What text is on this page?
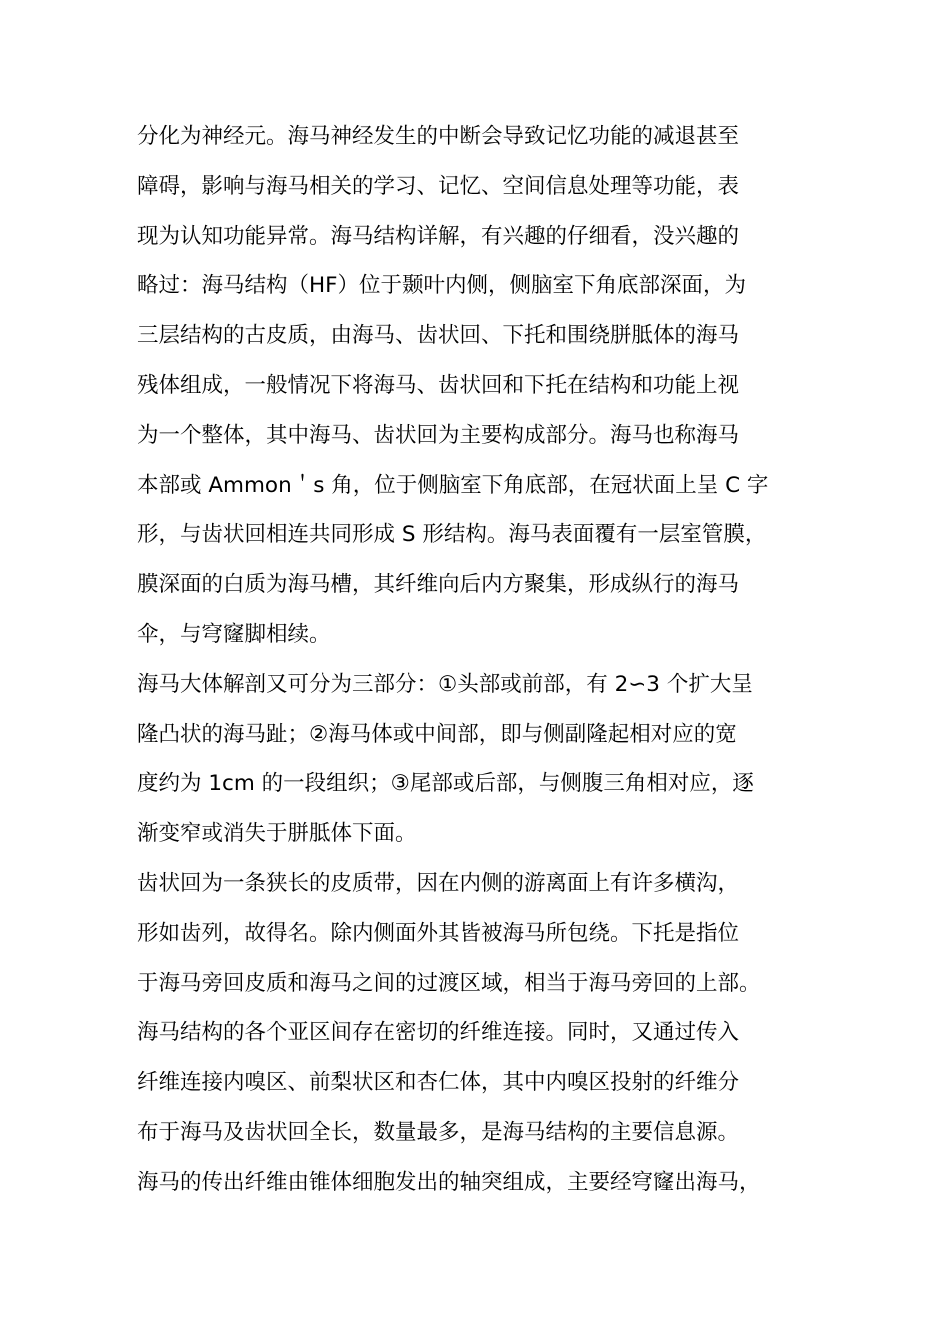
分化为神经元。海马神经发生的中断会导致记忆功能的减退甚至
障碍，影响与海马相关的学习、记忆、空间信息处理等功能，表
现为认知功能异常。海马结构详解，有兴趣的仔细看，没兴趣的
略过：海马结构（HF）位于颞叶内侧，侧脑室下角底部深面，为
三层结构的古皮质，由海马、齿状回、下托和围绕胼胝体的海马
残体组成，一般情况下将海马、齿状回和下托在结构和功能上视
为一个整体，其中海马、齿状回为主要构成部分。海马也称海马
本部或 Ammon＇s 角，位于侧脑室下角底部，在冠状面上呈 C 字
形，与齿状回相连共同形成 S 形结构。海马表面覆有一层室管膜，
膜深面的白质为海马槽，其纤维向后内方聚集，形成纵行的海马
伞，与穹窿脚相续。
海马大体解剖又可分为三部分：①头部或前部，有 2∽3 个扩大呈
隆凸状的海马趾；②海马体或中间部，即与侧副隆起相对应的宽
度约为 1cm 的一段组织；③尾部或后部，与侧腹三角相对应，逐
渐变窄或消失于胼胝体下面。
齿状回为一条狭长的皮质带，因在内侧的游离面上有许多横沟，
形如齿列，故得名。除内侧面外其皆被海马所包绕。下托是指位
于海马旁回皮质和海马之间的过渡区域，相当于海马旁回的上部。
海马结构的各个亚区间存在密切的纤维连接。同时，又通过传入
纤维连接内嗅区、前梨状区和杏仁体，其中内嗅区投射的纤维分
布于海马及齿状回全长，数量最多，是海马结构的主要信息源。
海马的传出纤维由锥体细胞发出的轴突组成，主要经穹窿出海马，
